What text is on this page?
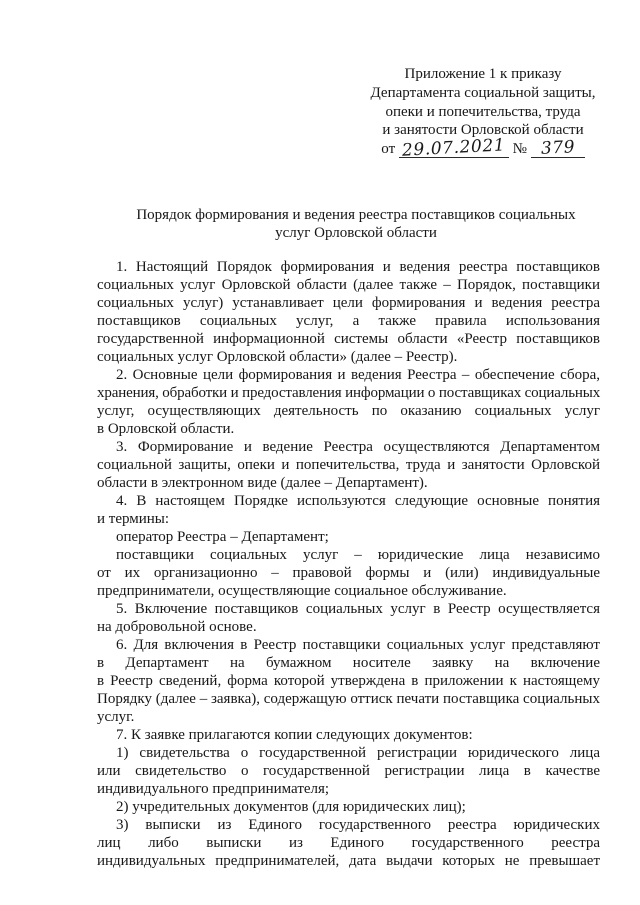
Приложение 1 к приказу
Департамента социальной защиты,
опеки и попечительства, труда
и занятости Орловской области
от 29.07.2021 № 379
Порядок формирования и ведения реестра поставщиков социальных
услуг Орловской области
1. Настоящий Порядок формирования и ведения реестра поставщиков
социальных услуг Орловской области (далее также – Порядок, поставщики
социальных услуг) устанавливает цели формирования и ведения реестра
поставщиков социальных услуг, а также правила использования
государственной информационной системы области «Реестр поставщиков
социальных услуг Орловской области» (далее – Реестр).
2. Основные цели формирования и ведения Реестра – обеспечение сбора,
хранения, обработки и предоставления информации о поставщиках социальных
услуг, осуществляющих деятельность по оказанию социальных услуг
в Орловской области.
3. Формирование и ведение Реестра осуществляются Департаментом
социальной защиты, опеки и попечительства, труда и занятости Орловской
области в электронном виде (далее – Департамент).
4. В настоящем Порядке используются следующие основные понятия
и термины:
оператор Реестра – Департамент;
поставщики социальных услуг – юридические лица независимо
от их организационно – правовой формы и (или) индивидуальные
предприниматели, осуществляющие социальное обслуживание.
5. Включение поставщиков социальных услуг в Реестр осуществляется
на добровольной основе.
6. Для включения в Реестр поставщики социальных услуг представляют
в Департамент на бумажном носителе заявку на включение
в Реестр сведений, форма которой утверждена в приложении к настоящему
Порядку (далее – заявка), содержащую оттиск печати поставщика социальных
услуг.
7. К заявке прилагаются копии следующих документов:
1) свидетельства о государственной регистрации юридического лица
или свидетельство о государственной регистрации лица в качестве
индивидуального предпринимателя;
2) учредительных документов (для юридических лиц);
3) выписки из Единого государственного реестра юридических
лиц либо выписки из Единого государственного реестра
индивидуальных предпринимателей, дата выдачи которых не превышает
